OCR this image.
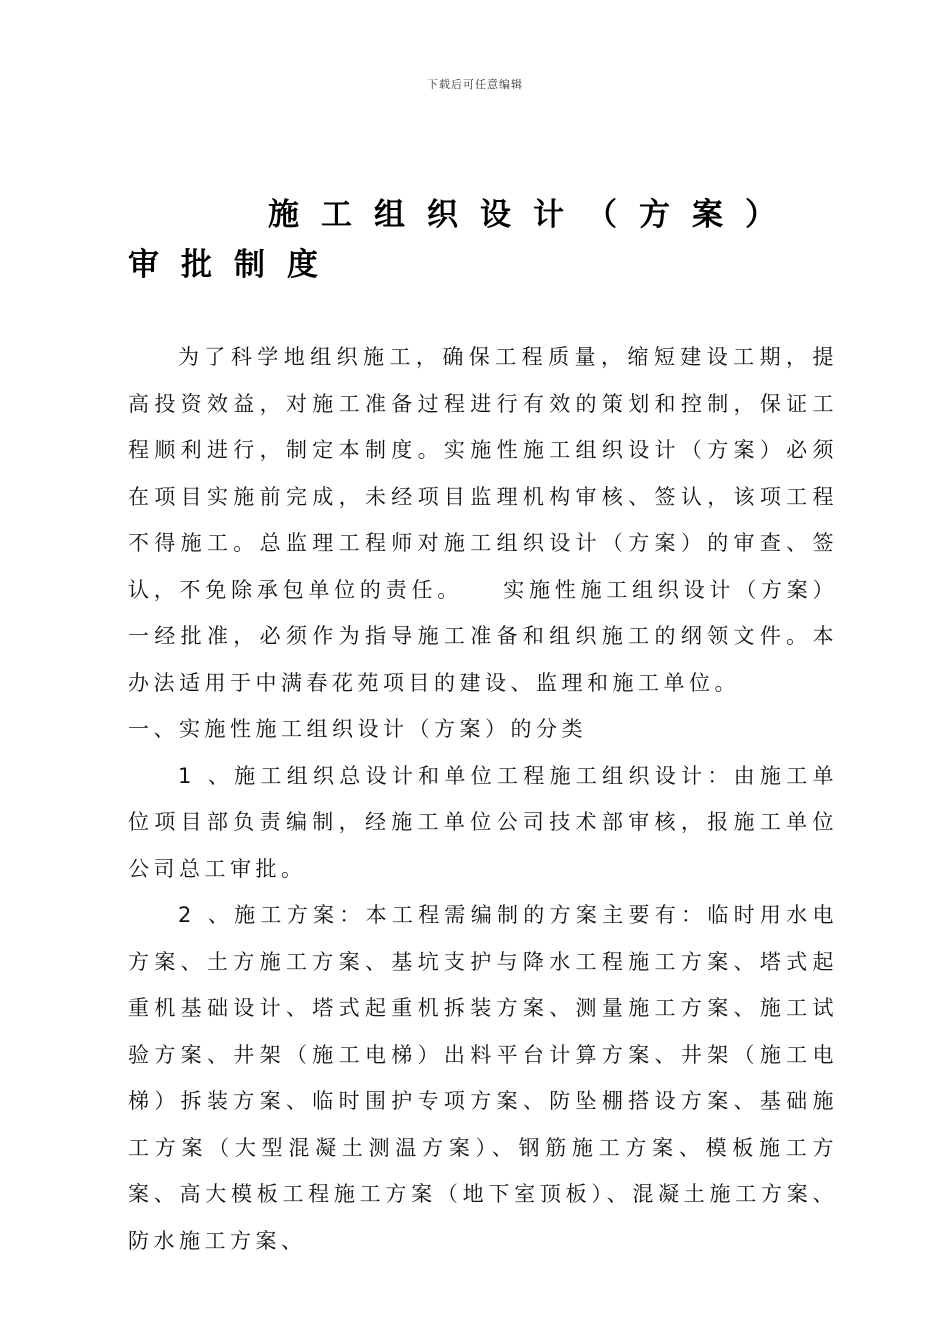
下载后可任意编辑
施工组织设计（方案）审批制度

为了科学地组织施工，确保工程质量，缩短建设工期，提高投资效益，对施工准备过程进行有效的策划和控制，保证工程顺利进行，制定本制度。实施性施工组织设计（方案）必须在项目实施前完成，未经项目监理机构审核、签认，该项工程不得施工。总监理工程师对施工组织设计（方案）的审查、签认，不免除承包单位的责任。 实施性施工组织设计（方案）一经批准，必须作为指导施工准备和组织施工的纲领文件。本办法适用于中满春花苑项目的建设、监理和施工单位。

一、实施性施工组织设计（方案）的分类

1 、施工组织总设计和单位工程施工组织设计：由施工单位项目部负责编制，经施工单位公司技术部审核，报施工单位公司总工审批。

2 、施工方案：本工程需编制的方案主要有：临时用水电方案、土方施工方案、基坑支护与降水工程施工方案、塔式起重机基础设计、塔式起重机拆装方案、测量施工方案、施工试验方案、井架（施工电梯）出料平台计算方案、井架（施工电梯）拆装方案、临时围护专项方案、防坠棚搭设方案、基础施工方案（大型混凝土测温方案）、钢筋施工方案、模板施工方案、高大模板工程施工方案（地下室顶板）、混凝土施工方案、防水施工方案、
